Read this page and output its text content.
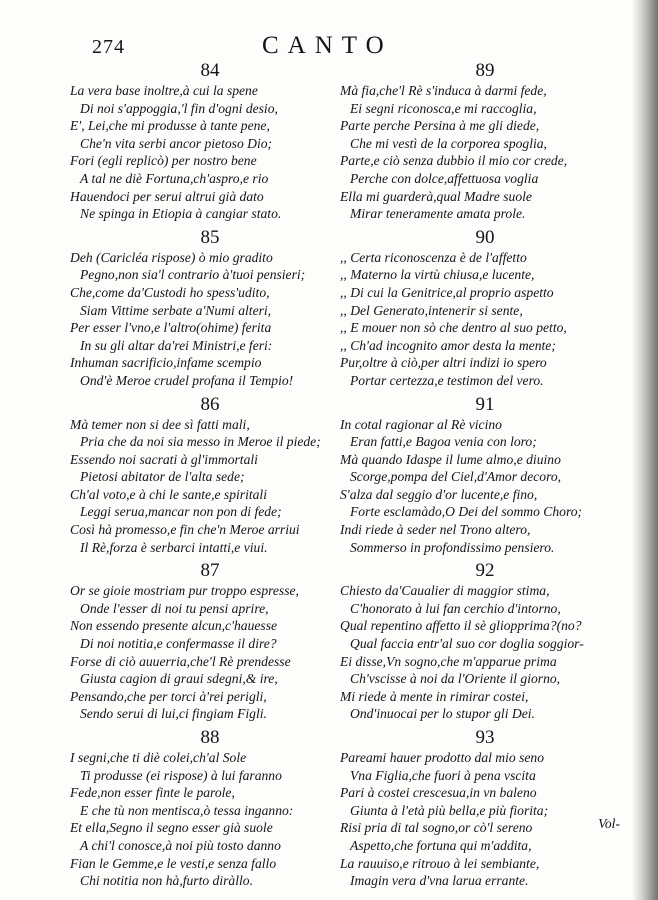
274	CANTO
84
La vera base inoltre,à cui la spene
Di noi s'appoggia,'l fin d'ogni desio,
E', Lei,che mi produsse à tante pene,
Che'n vita serbi ancor pietoso Dio;
Fori (egli replicò) per nostro bene
A tal ne diè Fortuna,ch'aspro,e rio
Hauendoci per serui altrui già dato
Ne spinga in Etiopia à cangiar stato.
85
Deh (Caricléa rispose) ò mio gradito
Pegno,non sia'l contrario à'tuoi pensieri;
Che,come da'Custodi ho spess'udito,
Siam Vittime serbate a'Numi alteri,
Per esser l'vno,e l'altro(ohime) ferita
In su gli altar da'rei Ministri,e feri:
Inhuman sacrificio,infame scempio
Ond'è Meroe crudel profana il Tempio!
86
Mà temer non si dee sì fatti mali,
Pria che da noi sia messo in Meroe il piede;
Essendo noi sacrati à gl'immortali
Pietosi abitator de l'alta sede;
Ch'al voto,e à chi le sante,e spiritali
Leggi serua,mancar non pon di fede;
Così hà promesso,e fin che'n Meroe arriui
Il Rè,forza è serbarci intatti,e viui.
87
Or se gioie mostriam pur troppo espresse,
Onde l'esser di noi tu pensi aprire,
Non essendo presente alcun,c'hauesse
Di noi notitia,e confermasse il dire?
Forse di ciò auuerria,che'l Rè prendesse
Giusta cagion di graui sdegni,& ire,
Pensando,che per torci à'rei perigli,
Sendo serui di lui,ci fingiam Figli.
88
I segni,che ti diè colei,ch'al Sole
Ti produsse (ei rispose) à lui faranno
Fede,non esser finte le parole,
E che tù non mentisca,ò tessa inganno:
Et ella,Segno il segno esser già suole
A chi'l conosce,à noi più tosto danno
Fian le Gemme,e le vesti,e senza fallo
Chi notitia non hà,furto diràllo.
89
Mà fia,che'l Rè s'induca à darmi fede,
Ei segni riconosca,e mi raccoglia,
Parte perche Persina à me gli diede,
Che mi vestì de la corporea spoglia,
Parte,e ciò senza dubbio il mio cor crede,
Perche con dolce,affettuosa voglia
Ella mi guarderà,qual Madre suole
Mirar teneramente amata prole.
90
,, Certa riconoscenza è de l'affetto
,, Materno la virtù chiusa,e lucente,
,, Di cui la Genitrice,al proprio aspetto
,, Del Generato,intenerir si sente,
,, E mouer non sò che dentro al suo petto,
,, Ch'ad incognito amor desta la mente;
Pur,oltre à ciò,per altri indizi io spero
Portar certezza,e testimon del vero.
91
In cotal ragionar al Rè vicino
Eran fatti,e Bagoa venia con loro;
Mà quando Idaspe il lume almo,e diuino
Scorge,pompa del Ciel,d'Amor decoro,
S'alza dal seggio d'or lucente,e fino,
Forte esclamàdo,O Dei del sommo Choro;
Indi riede à seder nel Trono altero,
Sommerso in profondissimo pensiero.
92
Chiesto da'Caualier di maggior stima,
C'honorato à lui fan cerchio d'intorno,
Qual repentino affetto il sè gliopprima?(no?
Qual faccia entr'al suo cor doglia soggior-
Ei disse,Vn sogno,che m'apparue prima
Ch'vscisse à noi da l'Oriente il giorno,
Mi riede à mente in rimirar costei,
Ond'inuocai per lo stupor gli Dei.
93
Pareami hauer prodotto dal mio seno
Vna Figlia,che fuori à pena vscita
Pari à costei crescesua,in vn baleno
Giunta à l'età più bella,e più fiorita;
Risi pria di tal sogno,or cò'l sereno
Aspetto,che fortuna qui m'addita,
La rauuiso,e ritrouo à lei sembiante,
Imagin vera d'vna larua errante.
Vol-
